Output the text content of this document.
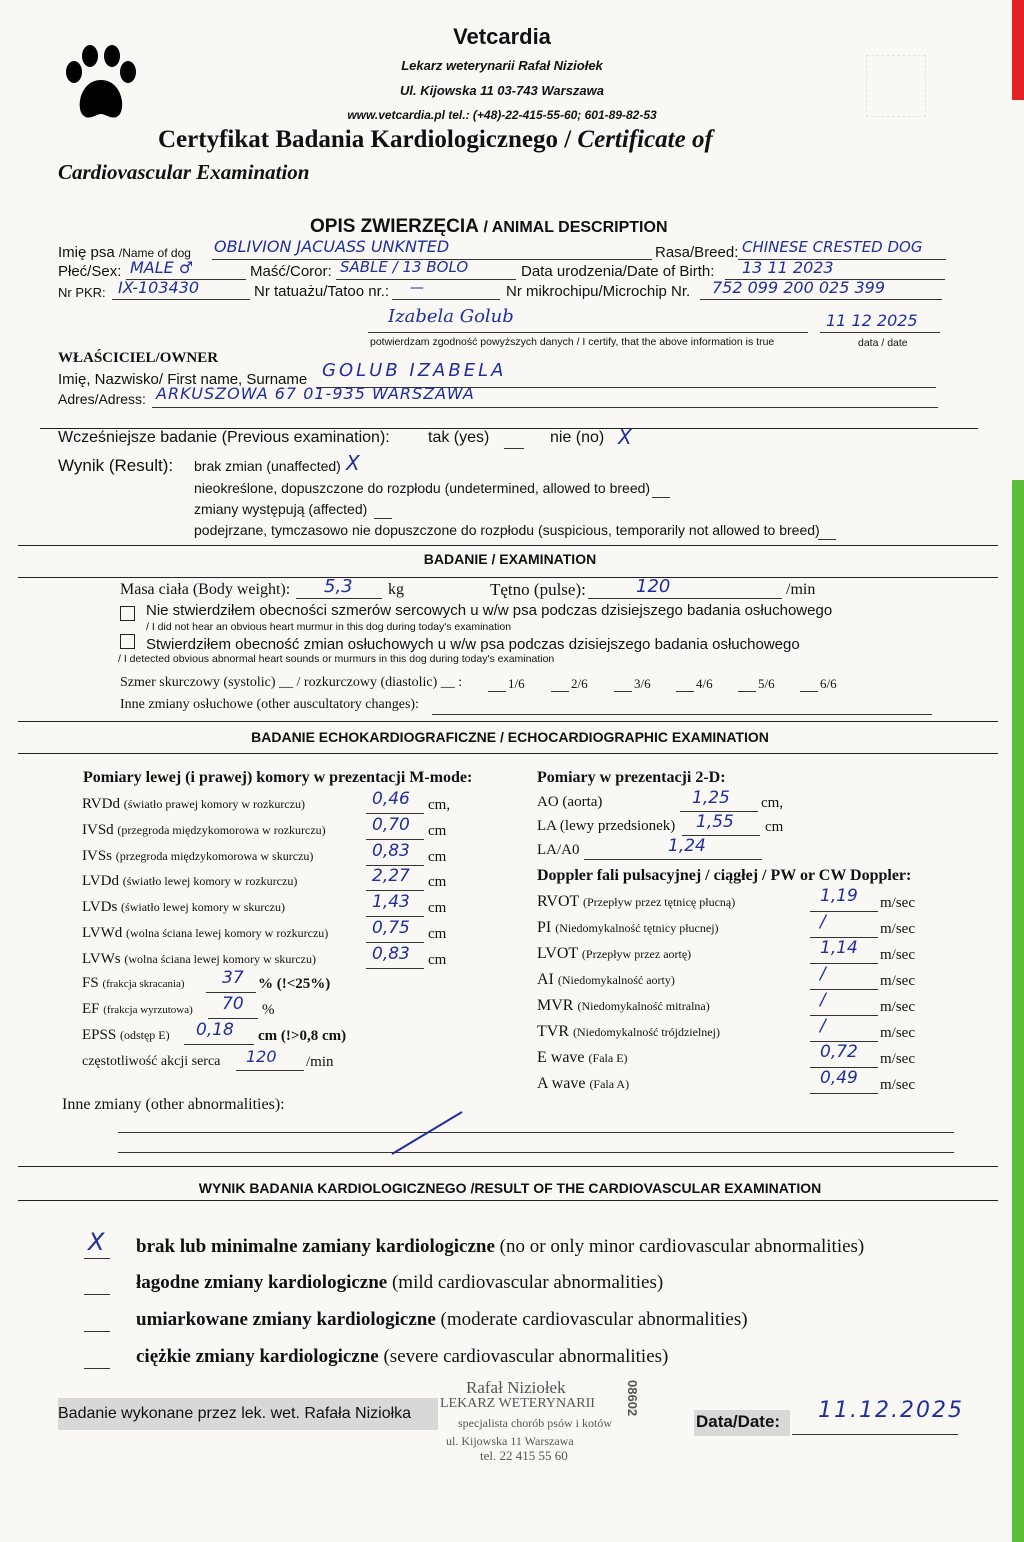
Vetcardia
Lekarz weterynarii Rafał Niziołek
Ul. Kijowska 11 03-743 Warszawa
www.vetcardia.pl tel.: (+48)-22-415-55-60; 601-89-82-53
Certyfikat Badania Kardiologicznego / Certificate of
Cardiovascular Examination
OPIS ZWIERZĘCIA / ANIMAL DESCRIPTION
Imię psa /Name of dog OBLIVION JACUASS UNKNTED	Rasa/Breed: CHINESE CRESTED DOG
Płeć/Sex: MALE ♂	Maść/Coror: SABLE / 13 BOLO	Data urodzenia/Date of Birth: 13 11 2023
Nr PKR: IX-103430	Nr tatuażu/Tatoo nr.: —	Nr mikrochipu/Microchip Nr. 752 099 200 025 399
Izabela Golub	11 12 2025
potwierdzam zgodność powyższych danych / I certify, that the above information is true	data / date
WŁAŚCICIEL/OWNER
Imię, Nazwisko/ First name, Surname GOLUB IZABELA
Adres/Adress: ARKUSZOWA 67 01-935 WARSZAWA
Wcześniejsze badanie (Previous examination): tak (yes)	nie (no) X
Wynik (Result): brak zmian (unaffected) X
nieokreślone, dopuszczone do rozpłodu (undetermined, allowed to breed)
zmiany występują (affected)
podejrzane, tymczasowo nie dopuszczone do rozpłodu (suspicious, temporarily not allowed to breed)
BADANIE / EXAMINATION
Masa ciała (Body weight): 5,3 kg	Tętno (pulse):	120	/min
Nie stwierdziłem obecności szmerów sercowych u w/w psa podczas dzisiejszego badania osłuchowego
/ I did not hear an obvious heart murmur in this dog during today's examination
Stwierdziłem obecność zmian osłuchowych u w/w psa podczas dzisiejszego badania osłuchowego
/ I detected obvious abnormal heart sounds or murmurs in this dog during today's examination
Szmer skurczowy (systolic) __ / rozkurczowy (diastolic) __ :
Inne zmiany osłuchowe (other auscultatory changes):
BADANIE ECHOKARDIOGRAFICZNE / ECHOCARDIOGRAPHIC EXAMINATION
Pomiary lewej (i prawej) komory w prezentacji M-mode:
FS (frakcja skracania) 37 % (!<25%)
EF (frakcja wyrzutowa) 70 %
EPSS (odstęp E) 0,18 cm (!>0,8 cm)
częstotliwość akcji serca 120 /min
Pomiary w prezentacji 2-D:
AO (aorta)	1,25 cm,
LA (lewy przedsionek) 1,55 cm
LA/A0	1,24
Doppler fali pulsacyjnej / ciągłej / PW or CW Doppler:
Inne zmiany (other abnormalities):
WYNIK BADANIA KARDIOLOGICZNEGO /RESULT OF THE CARDIOVASCULAR EXAMINATION
X
Badanie wykonane przez lek. wet. Rafała Niziołka
Rafał Niziołek
LEKARZ WETERYNARII
specjalista chorób psów i kotów
ul. Kijowska 11 Warszawa
tel. 22 415 55 60
08602
Data/Date: 11.12.2025
1/6	2/6	3/6	4/6	5/6	6/6
RVDd (światło prawej komory w rozkurczu)	0,46 cm,
IVSd (przegroda międzykomorowa w rozkurczu)	0,70 cm
IVSs (przegroda międzykomorowa w skurczu)	0,83 cm
LVDd (światło lewej komory w rozkurczu)	2,27 cm
LVDs (światło lewej komory w skurczu)	1,43 cm
LVWd (wolna ściana lewej komory w rozkurczu)	0,75 cm
LVWs (wolna ściana lewej komory w skurczu)	0,83 cm
RVOT (Przepływ przez tętnicę płucną)	1,19 m/sec
PI (Niedomykalność tętnicy płucnej)	/	m/sec
LVOT (Przepływ przez aortę)	1,14 m/sec
AI (Niedomykalność aorty)	/	m/sec
MVR (Niedomykalność mitralna)	/	m/sec
TVR (Niedomykalność trójdzielnej)	/	m/sec
E wave (Fala E)	0,72 m/sec
A wave (Fala A)	0,49 m/sec
brak lub minimalne zamiany kardiologiczne (no or only minor cardiovascular abnormalities)
łagodne zmiany kardiologiczne (mild cardiovascular abnormalities)
umiarkowane zmiany kardiologiczne (moderate cardiovascular abnormalities)
ciężkie zmiany kardiologiczne (severe cardiovascular abnormalities)
